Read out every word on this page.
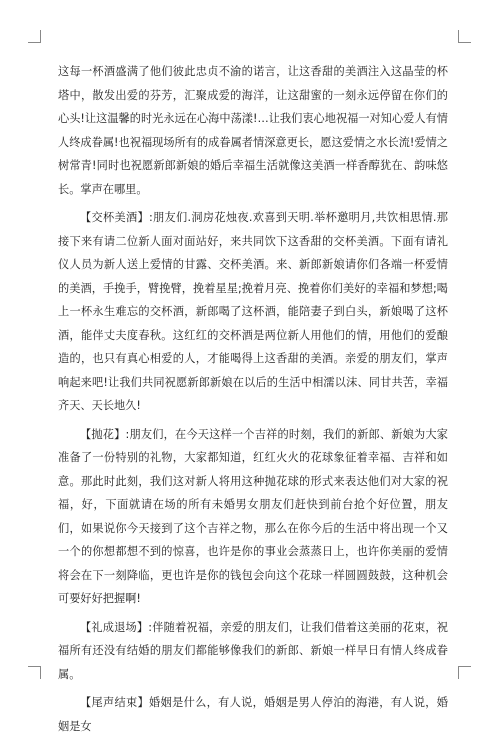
这每一杯酒盛满了他们彼此忠贞不渝的诺言，让这香甜的美酒注入这晶莹的杯塔中，散发出爱的芬芳，汇聚成爱的海洋，让这甜蜜的一刻永远停留在你们的心头!让这温馨的时光永远在心海中荡漾!…让我们衷心地祝福一对知心爱人有情人终成眷属!也祝福现场所有的成眷属者情深意更长，愿这爱情之水长流!爱情之树常青!同时也祝愿新郎新娘的婚后幸福生活就像这美酒一样香醇犹在、韵味悠长。掌声在哪里。

【交杯美酒】:朋友们.洞房花烛夜.欢喜到天明.举杯邀明月,共饮相思情.那接下来有请二位新人面对面站好，来共同饮下这香甜的交杯美酒。下面有请礼仪人员为新人送上爱情的甘露、交杯美酒。来、新郎新娘请你们各端一杯爱情的美酒，手挽手，臂挽臂，挽着星星;挽着月亮、挽着你们美好的幸福和梦想;喝上一杯永生难忘的交杯酒，新郎喝了这杯酒，能陪妻子到白头，新娘喝了这杯酒，能伴丈夫度春秋。这红红的交杯酒是两位新人用他们的情，用他们的爱酿造的，也只有真心相爱的人，才能喝得上这香甜的美酒。亲爱的朋友们，掌声响起来吧!让我们共同祝愿新郎新娘在以后的生活中相濡以沫、同甘共苦，幸福齐天、天长地久!

【抛花】:朋友们，在今天这样一个吉祥的时刻，我们的新郎、新娘为大家准备了一份特别的礼物，大家都知道，红红火火的花球象征着幸福、吉祥和如意。那此时此刻，我们这对新人将用这种抛花球的形式来表达他们对大家的祝福，好，下面就请在场的所有未婚男女朋友们赶快到前台抢个好位置，朋友们，如果说你今天接到了这个吉祥之物，那么在你今后的生活中将出现一个又一个的你想都想不到的惊喜，也许是你的事业会蒸蒸日上，也许你美丽的爱情将会在下一刻降临，更也许是你的钱包会向这个花球一样圆圆鼓鼓，这种机会可要好好把握啊!

【礼成退场】:伴随着祝福，亲爱的朋友们，让我们借着这美丽的花束，祝福所有还没有结婚的朋友们都能够像我们的新郎、新娘一样早日有情人终成眷属。

【尾声结束】婚姻是什么，有人说，婚姻是男人停泊的海港，有人说，婚姻是女
